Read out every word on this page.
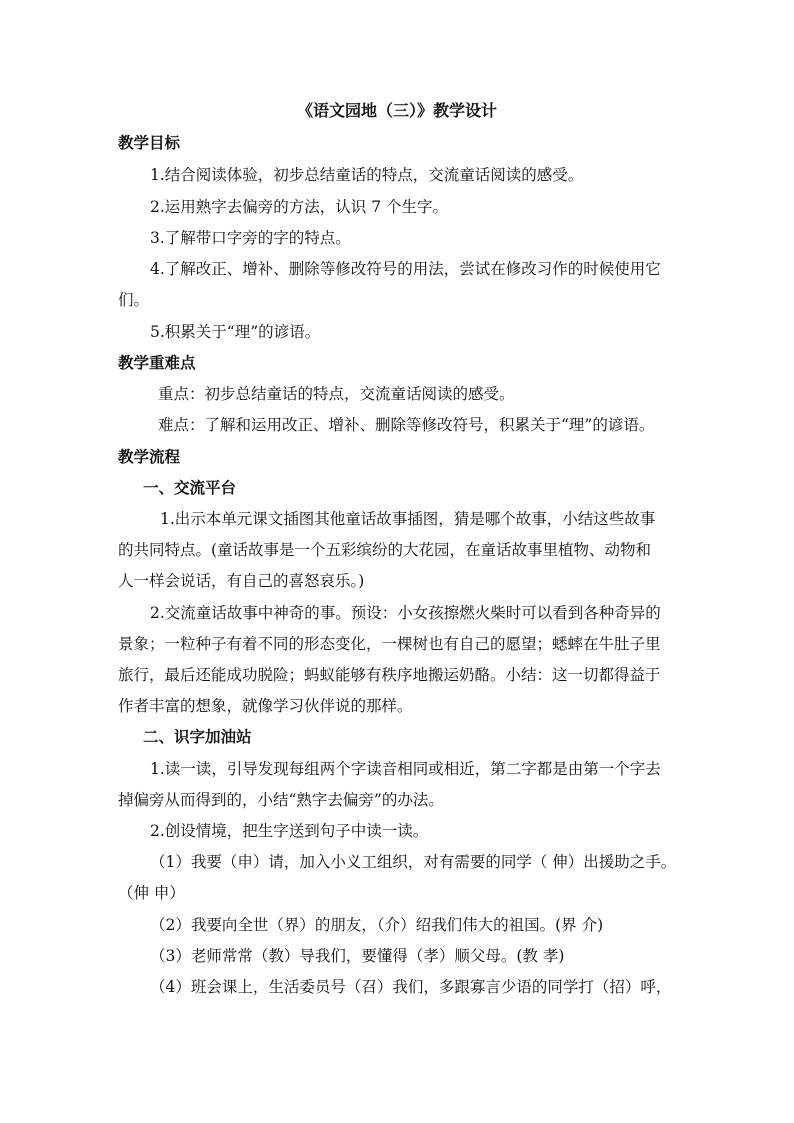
《语文园地（三）》教学设计
教学目标
1.结合阅读体验，初步总结童话的特点，交流童话阅读的感受。
2.运用熟字去偏旁的方法，认识 7 个生字。
3.了解带口字旁的字的特点。
4.了解改正、增补、删除等修改符号的用法，尝试在修改习作的时候使用它
们。
5.积累关于“理”的谚语。
教学重难点
重点：初步总结童话的特点，交流童话阅读的感受。
难点：了解和运用改正、增补、删除等修改符号，积累关于“理”的谚语。
教学流程
一、交流平台
1.出示本单元课文插图其他童话故事插图，猜是哪个故事，小结这些故事
的共同特点。(童话故事是一个五彩缤纷的大花园，在童话故事里植物、动物和
人一样会说话，有自己的喜怒哀乐。)
2.交流童话故事中神奇的事。预设：小女孩擦燃火柴时可以看到各种奇异的
景象；一粒种子有着不同的形态变化，一棵树也有自己的愿望；蟋蟀在牛肚子里
旅行，最后还能成功脱险；蚂蚁能够有秩序地搬运奶酪。小结：这一切都得益于
作者丰富的想象，就像学习伙伴说的那样。
二、识字加油站
1.读一读，引导发现每组两个字读音相同或相近，第二字都是由第一个字去
掉偏旁从而得到的，小结“熟字去偏旁”的办法。
2.创设情境，把生字送到句子中读一读。
（1）我要（申）请，加入小义工组织，对有需要的同学（ 伸）出援助之手。
（伸 申）
（2）我要向全世（界）的朋友，（介）绍我们伟大的祖国。(界 介)
（3）老师常常（教）导我们，要懂得（孝）顺父母。(教 孝)
（4）班会课上，生活委员号（召）我们，多跟寡言少语的同学打（招）呼，
